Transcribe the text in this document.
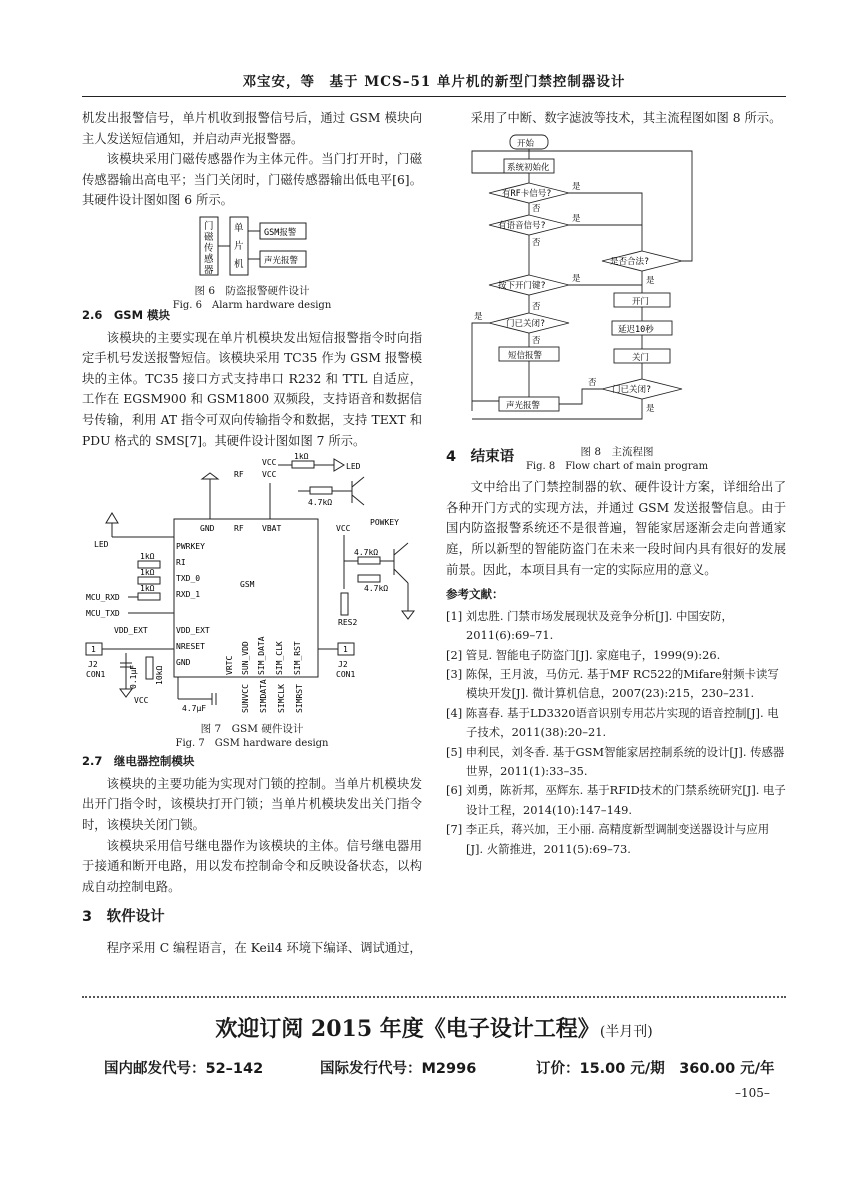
邓宝安，等　基于 MCS–51 单片机的新型门禁控制器设计

机发出报警信号，单片机收到报警信号后，通过 GSM 模块向主人发送短信通知，并启动声光报警器。

该模块采用门磁传感器作为主体元件。当门打开时，门磁传感器输出高电平；当门关闭时，门磁传感器输出低电平[6]。其硬件设计图如图 6 所示。

门
磁
传
感
器
单
片
机
GSM报警
声光报警
图 6　防盗报警硬件设计
Fig. 6　Alarm hardware design
2.6　GSM 模块

该模块的主要实现在单片机模块发出短信报警指令时向指定手机号发送报警短信。该模块采用 TC35 作为 GSM 报警模块的主体。TC35 接口方式支持串口 R232 和 TTL 自适应，工作在 EGSM900 和 GSM1800 双频段，支持语音和数据信号传输，利用 AT 指令可双向传输指令和数据，支持 TEXT 和 PDU 格式的 SMS[7]。其硬件设计图如图 7 所示。

GSM
GND RF VBAT
PWRKEY
RI
TXD_0
RXD_1
VDD_EXT
NRESET
GND	VRTC SUN_VDD SIM_DATA SIM_CLK SIM_RST
RF VCC
VCC
1kΩ
LED
4.7kΩ
LED
1kΩ
1kΩ
1kΩ
MCU_RXD
MCU_TXD
VDD_EXT
1
J2
CON1	0.1μF 10kΩ
VCC
4.7μF	SUNVCC SIMDATA SIMCLK SIMRST
VCC
RES2
4.7kΩ
4.7kΩ
POWKEY
1
J2
CON1
图 7　GSM 硬件设计
Fig. 7　GSM hardware design
2.7　继电器控制模块

该模块的主要功能为实现对门锁的控制。当单片机模块发出开门指令时，该模块打开门锁；当单片机模块发出关门指令时，该模块关闭门锁。

该模块采用信号继电器作为该模块的主体。信号继电器用于接通和断开电路，用以发布控制命令和反映设备状态，以构成自动控制电路。

3　软件设计

程序采用 C 编程语言，在 Keil4 环境下编译、调试通过，

采用了中断、数字滤波等技术，其主流程图如图 8 所示。

开始
系统初始化
有RF卡信号?
有语音信号?
是否合法?
按下开门键?
门已关闭?
开门
延迟10秒
关门
短信报警
门已关闭?
声光报警
是
否
是
否
是
否
是
是
否
否
是
图 8　主流程图
Fig. 8　Flow chart of main program
4　结束语

文中给出了门禁控制器的软、硬件设计方案，详细给出了各种开门方式的实现方法，并通过 GSM 发送报警信息。由于国内防盗报警系统还不是很普遍，智能家居逐渐会走向普通家庭，所以新型的智能防盗门在未来一段时间内具有很好的发展前景。因此，本项目具有一定的实际应用的意义。

参考文献：
[1] 刘忠胜. 门禁市场发展现状及竞争分析[J]. 中国安防，2011(6):69–71.
[2] 管見. 智能电子防盗门[J]. 家庭电子，1999(9):26.
[3] 陈保，王月波，马仿元. 基于MF RC522的Mifare射频卡读写模块开发[J]. 微计算机信息，2007(23):215，230–231.
[4] 陈喜春. 基于LD3320语音识别专用芯片实现的语音控制[J]. 电子技术，2011(38):20–21.
[5] 申利民，刘冬香. 基于GSM智能家居控制系统的设计[J]. 传感器世界，2011(1):33–35.
[6] 刘勇，陈祈邦，巫辉东. 基于RFID技术的门禁系统研究[J]. 电子设计工程，2014(10):147–149.
[7] 李正兵，蒋兴加，王小丽. 高精度新型调制变送器设计与应用[J]. 火箭推进，2011(5):69–73.
欢迎订阅 2015 年度《电子设计工程》(半月刊)
国内邮发代号：52–142	国际发行代号：M2996	订价：15.00 元/期　360.00 元/年
–105–
